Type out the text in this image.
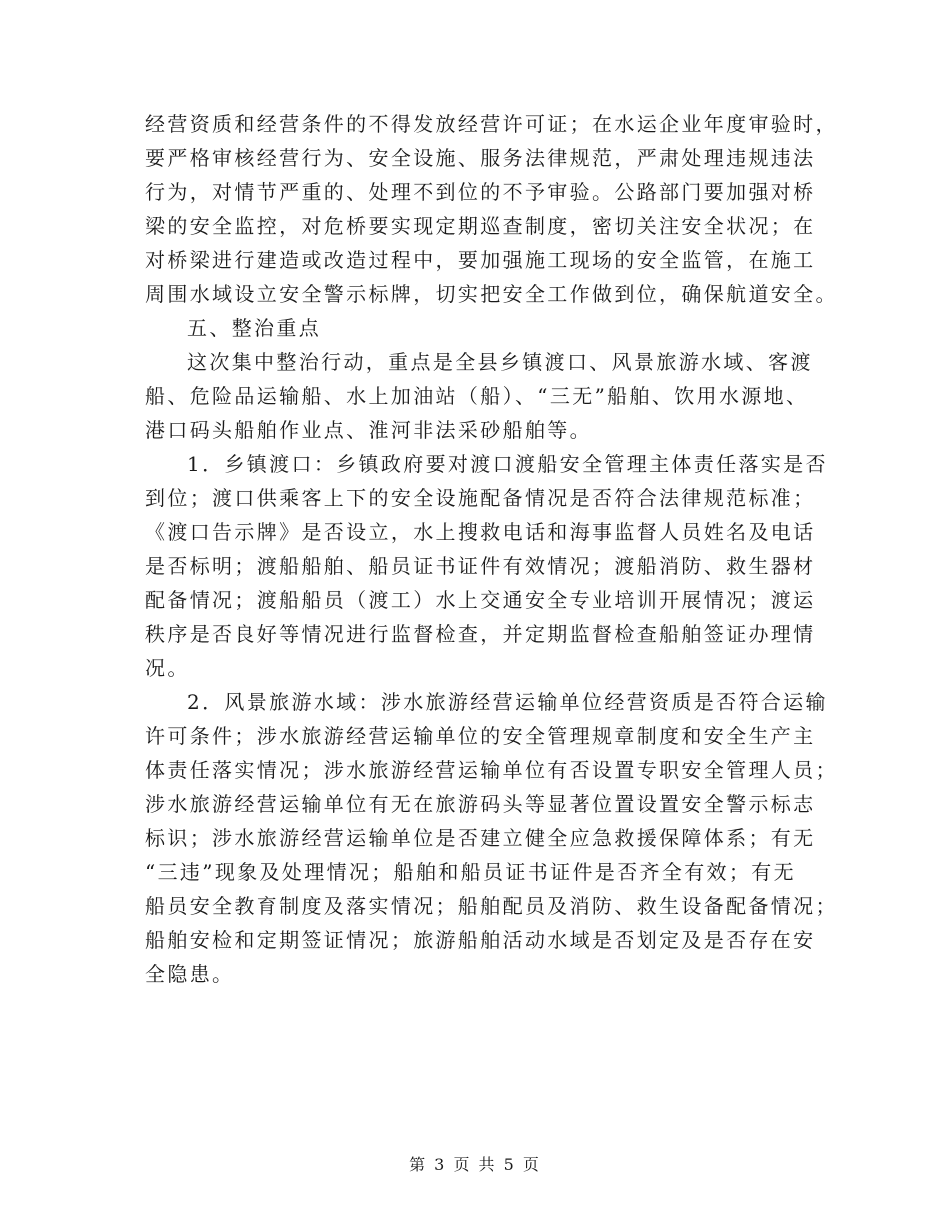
经营资质和经营条件的不得发放经营许可证；在水运企业年度审验时，
要严格审核经营行为、安全设施、服务法律规范，严肃处理违规违法
行为，对情节严重的、处理不到位的不予审验。公路部门要加强对桥
梁的安全监控，对危桥要实现定期巡查制度，密切关注安全状况；在
对桥梁进行建造或改造过程中，要加强施工现场的安全监管，在施工
周围水域设立安全警示标牌，切实把安全工作做到位，确保航道安全。
五、整治重点
这次集中整治行动，重点是全县乡镇渡口、风景旅游水域、客渡
船、危险品运输船、水上加油站（船）、“三无”船舶、饮用水源地、
港口码头船舶作业点、淮河非法采砂船舶等。
1．乡镇渡口：乡镇政府要对渡口渡船安全管理主体责任落实是否
到位；渡口供乘客上下的安全设施配备情况是否符合法律规范标准；
《渡口告示牌》是否设立，水上搜救电话和海事监督人员姓名及电话
是否标明；渡船船舶、船员证书证件有效情况；渡船消防、救生器材
配备情况；渡船船员（渡工）水上交通安全专业培训开展情况；渡运
秩序是否良好等情况进行监督检查，并定期监督检查船舶签证办理情
况。
2．风景旅游水域：涉水旅游经营运输单位经营资质是否符合运输
许可条件；涉水旅游经营运输单位的安全管理规章制度和安全生产主
体责任落实情况；涉水旅游经营运输单位有否设置专职安全管理人员；
涉水旅游经营运输单位有无在旅游码头等显著位置设置安全警示标志
标识；涉水旅游经营运输单位是否建立健全应急救援保障体系；有无
“三违”现象及处理情况；船舶和船员证书证件是否齐全有效；有无
船员安全教育制度及落实情况；船舶配员及消防、救生设备配备情况；
船舶安检和定期签证情况；旅游船舶活动水域是否划定及是否存在安
全隐患。
第 3 页 共 5 页
